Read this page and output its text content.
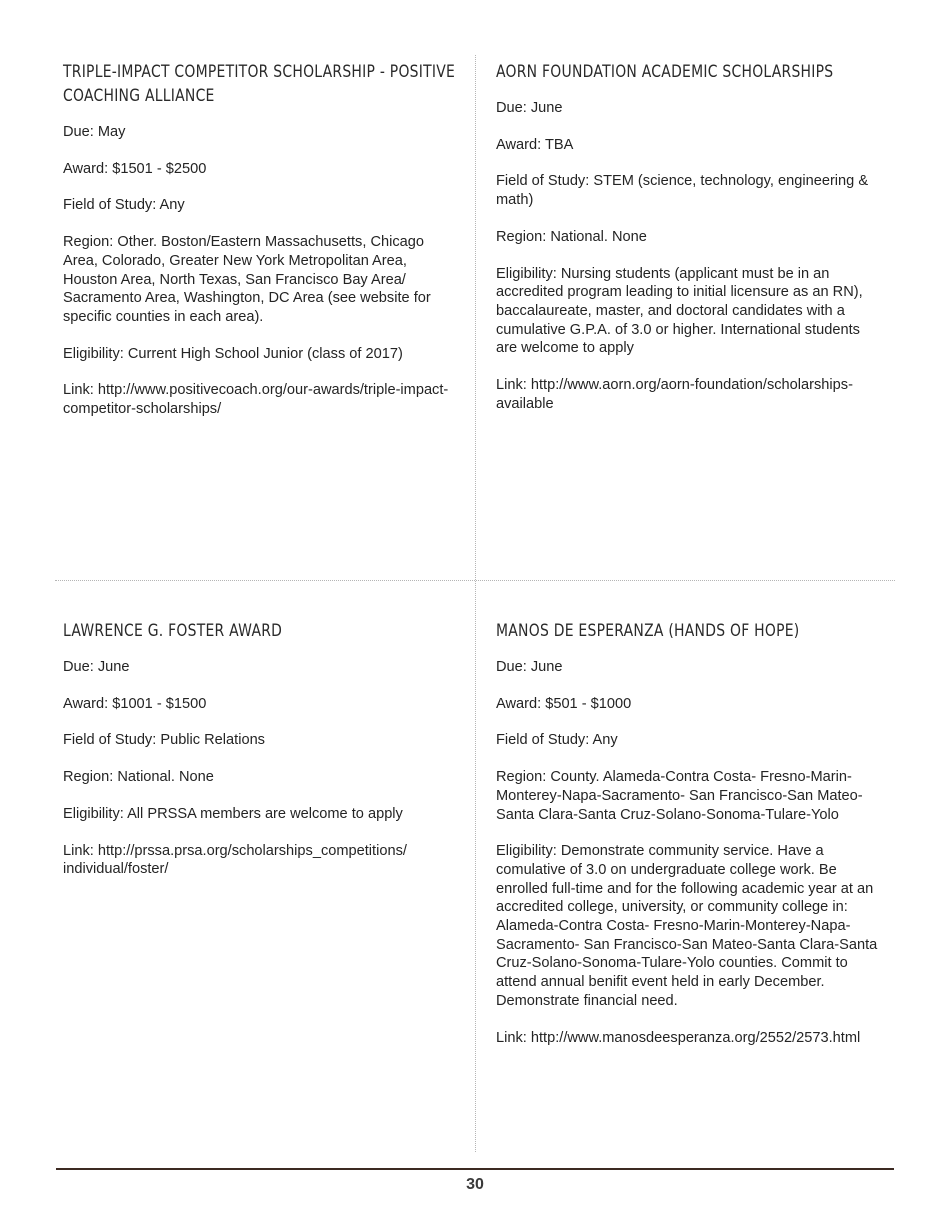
TRIPLE-IMPACT COMPETITOR SCHOLARSHIP - POSITIVE COACHING ALLIANCE

Due: May

Award: $1501 - $2500

Field of Study: Any

Region: Other. Boston/Eastern Massachusetts, Chicago Area, Colorado, Greater New York Metropolitan Area, Houston Area, North Texas, San Francisco Bay Area/ Sacramento Area, Washington, DC Area (see website for specific counties in each area).

Eligibility: Current High School Junior (class of 2017)

Link: http://www.positivecoach.org/our-awards/triple-impact-competitor-scholarships/

AORN FOUNDATION ACADEMIC SCHOLARSHIPS

Due: June

Award: TBA

Field of Study: STEM (science, technology, engineering & math)

Region: National. None

Eligibility: Nursing students (applicant must be in an accredited program leading to initial licensure as an RN), baccalaureate, master, and doctoral candidates with a cumulative G.P.A. of 3.0 or higher. International students are welcome to apply

Link: http://www.aorn.org/aorn-foundation/scholarships-available

LAWRENCE G. FOSTER AWARD

Due: June

Award: $1001 - $1500

Field of Study: Public Relations

Region: National. None

Eligibility: All PRSSA members are welcome to apply

Link: http://prssa.prsa.org/scholarships_competitions/ individual/foster/

MANOS DE ESPERANZA (HANDS OF HOPE)

Due: June

Award: $501 - $1000

Field of Study: Any

Region: County. Alameda-Contra Costa- Fresno-Marin-Monterey-Napa-Sacramento- San Francisco-San Mateo-Santa Clara-Santa Cruz-Solano-Sonoma-Tulare-Yolo

Eligibility: Demonstrate community service. Have a comulative of 3.0 on undergraduate college work. Be enrolled full-time and for the following academic year at an accredited college, university, or community college in: Alameda-Contra Costa- Fresno-Marin-Monterey-Napa-Sacramento- San Francisco-San Mateo-Santa Clara-Santa Cruz-Solano-Sonoma-Tulare-Yolo counties. Commit to attend annual benifit event held in early December. Demonstrate financial need.

Link: http://www.manosdeesperanza.org/2552/2573.html

30
